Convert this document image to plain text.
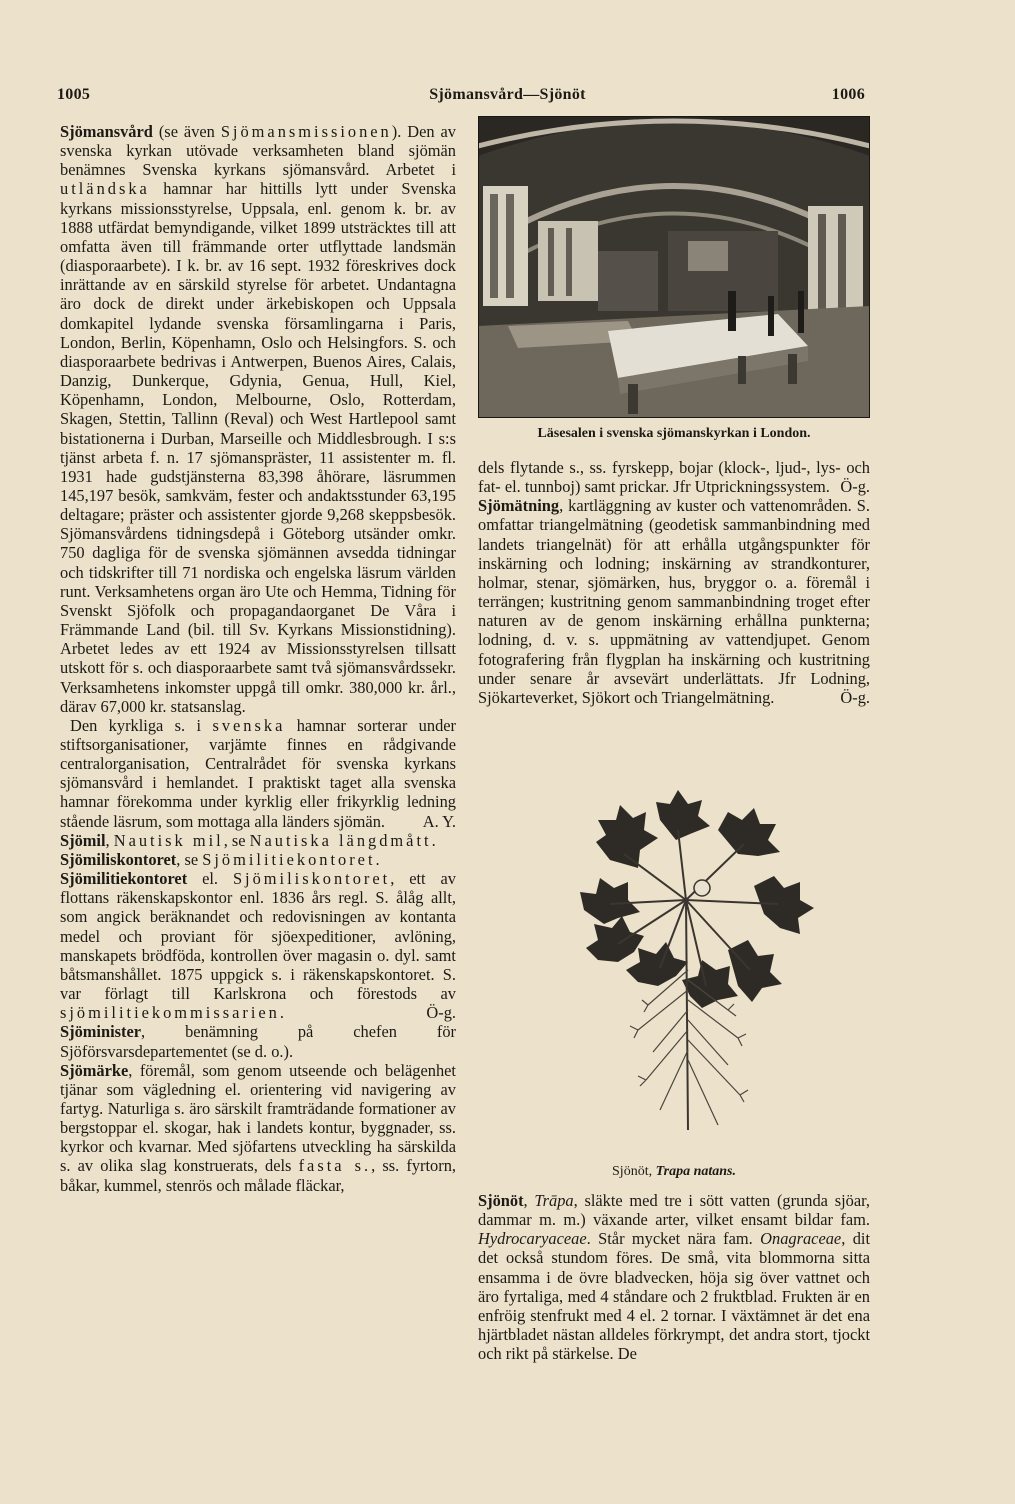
1005	Sjömansvård—Sjönöt	1006

Sjömansvård (se även Sjömansmissionen). Den av svenska kyrkan utövade verksamheten bland sjömän benämnes Svenska kyrkans sjömansvård. Arbetet i utländska hamnar har hittills lytt under Svenska kyrkans missionsstyrelse, Uppsala, enl. genom k. br. av 1888 utfärdat bemyndigande, vilket 1899 utsträcktes till att omfatta även till främmande orter utflyttade landsmän (diasporaarbete). I k. br. av 16 sept. 1932 föreskrives dock inrättande av en särskild styrelse för arbetet. Undantagna äro dock de direkt under ärkebiskopen och Uppsala domkapitel lydande svenska församlingarna i Paris, London, Berlin, Köpenhamn, Oslo och Helsingfors. S. och diasporaarbete bedrivas i Antwerpen, Buenos Aires, Calais, Danzig, Dunkerque, Gdynia, Genua, Hull, Kiel, Köpenhamn, London, Melbourne, Oslo, Rotterdam, Skagen, Stettin, Tallinn (Reval) och West Hartlepool samt bistationerna i Durban, Marseille och Middlesbrough. I s:s tjänst arbeta f. n. 17 sjömanspräster, 11 assistenter m. fl. 1931 hade gudstjänsterna 83,398 åhörare, läsrummen 145,197 besök, samkväm, fester och andaktsstunder 63,195 deltagare; präster och assistenter gjorde 9,268 skeppsbesök. Sjömansvårdens tidningsdepå i Göteborg utsänder omkr. 750 dagliga för de svenska sjömännen avsedda tidningar och tidskrifter till 71 nordiska och engelska läsrum världen runt. Verksamhetens organ äro Ute och Hemma, Tidning för Svenskt Sjöfolk och propagandaorganet De Våra i Främmande Land (bil. till Sv. Kyrkans Missionstidning). Arbetet ledes av ett 1924 av Missionsstyrelsen tillsatt utskott för s. och diasporaarbete samt två sjömansvårdssekr. Verksamhetens inkomster uppgå till omkr. 380,000 kr. årl., därav 67,000 kr. statsanslag.

Den kyrkliga s. i svenska hamnar sorterar under stiftsorganisationer, varjämte finnes en rådgivande centralorganisation, Centralrådet för svenska kyrkans sjömansvård i hemlandet. I praktiskt taget alla svenska hamnar förekomma under kyrklig eller frikyrklig ledning stående läsrum, som mottaga alla länders sjömän.	A. Y.

Sjömil, Nautisk mil, se Nautiska längdmått.

Sjömiliskontoret, se Sjömilitiekontoret.

Sjömilitiekontoret el. Sjömiliskontoret, ett av flottans räkenskapskontor enl. 1836 års regl. S. ålåg allt, som angick beräknandet och redovisningen av kontanta medel och proviant för sjöexpeditioner, avlöning, manskapets brödföda, kontrollen över magasin o. dyl. samt båtsmanshållet. 1875 uppgick s. i räkenskapskontoret. S. var förlagt till Karlskrona och förestods av sjömilitiekommissarien.	Ö-g.

Sjöminister, benämning på chefen för Sjöförsvarsdepartementet (se d. o.).

Sjömärke, föremål, som genom utseende och belägenhet tjänar som vägledning el. orientering vid navigering av fartyg. Naturliga s. äro särskilt framträdande formationer av bergstoppar el. skogar, hak i landets kontur, byggnader, ss. kyrkor och kvarnar. Med sjöfartens utveckling ha särskilda s. av olika slag konstruerats, dels fasta s., ss. fyrtorn, båkar, kummel, stenrös och målade fläckar,

Läsesalen i svenska sjömanskyrkan i London.

dels flytande s., ss. fyrskepp, bojar (klock-, ljud-, lys- och fat- el. tunnboj) samt prickar. Jfr Utprickningssystem. Ö-g.

Sjömätning, kartläggning av kuster och vattenområden. S. omfattar triangelmätning (geodetisk sammanbindning med landets triangelnät) för att erhålla utgångspunkter för inskärning och lodning; inskärning av strandkonturer, holmar, stenar, sjömärken, hus, bryggor o. a. föremål i terrängen; kustritning genom sammanbindning troget efter naturen av de genom inskärning erhållna punkterna; lodning, d. v. s. uppmätning av vattendjupet. Genom fotografering från flygplan ha inskärning och kustritning under senare år avsevärt underlättats. Jfr Lodning, Sjökarteverket, Sjökort och Triangelmätning.	Ö-g.

Sjönöt, Trapa natans.

Sjönöt, Trāpa, släkte med tre i sött vatten (grunda sjöar, dammar m. m.) växande arter, vilket ensamt bildar fam. Hydrocaryaceae. Står mycket nära fam. Onagraceae, dit det också stundom föres. De små, vita blommorna sitta ensamma i de övre bladvecken, höja sig över vattnet och äro fyrtaliga, med 4 ståndare och 2 fruktblad. Frukten är en enfröig stenfrukt med 4 el. 2 tornar. I växtämnet är det ena hjärtbladet nästan alldeles förkrympt, det andra stort, tjockt och rikt på stärkelse. De
